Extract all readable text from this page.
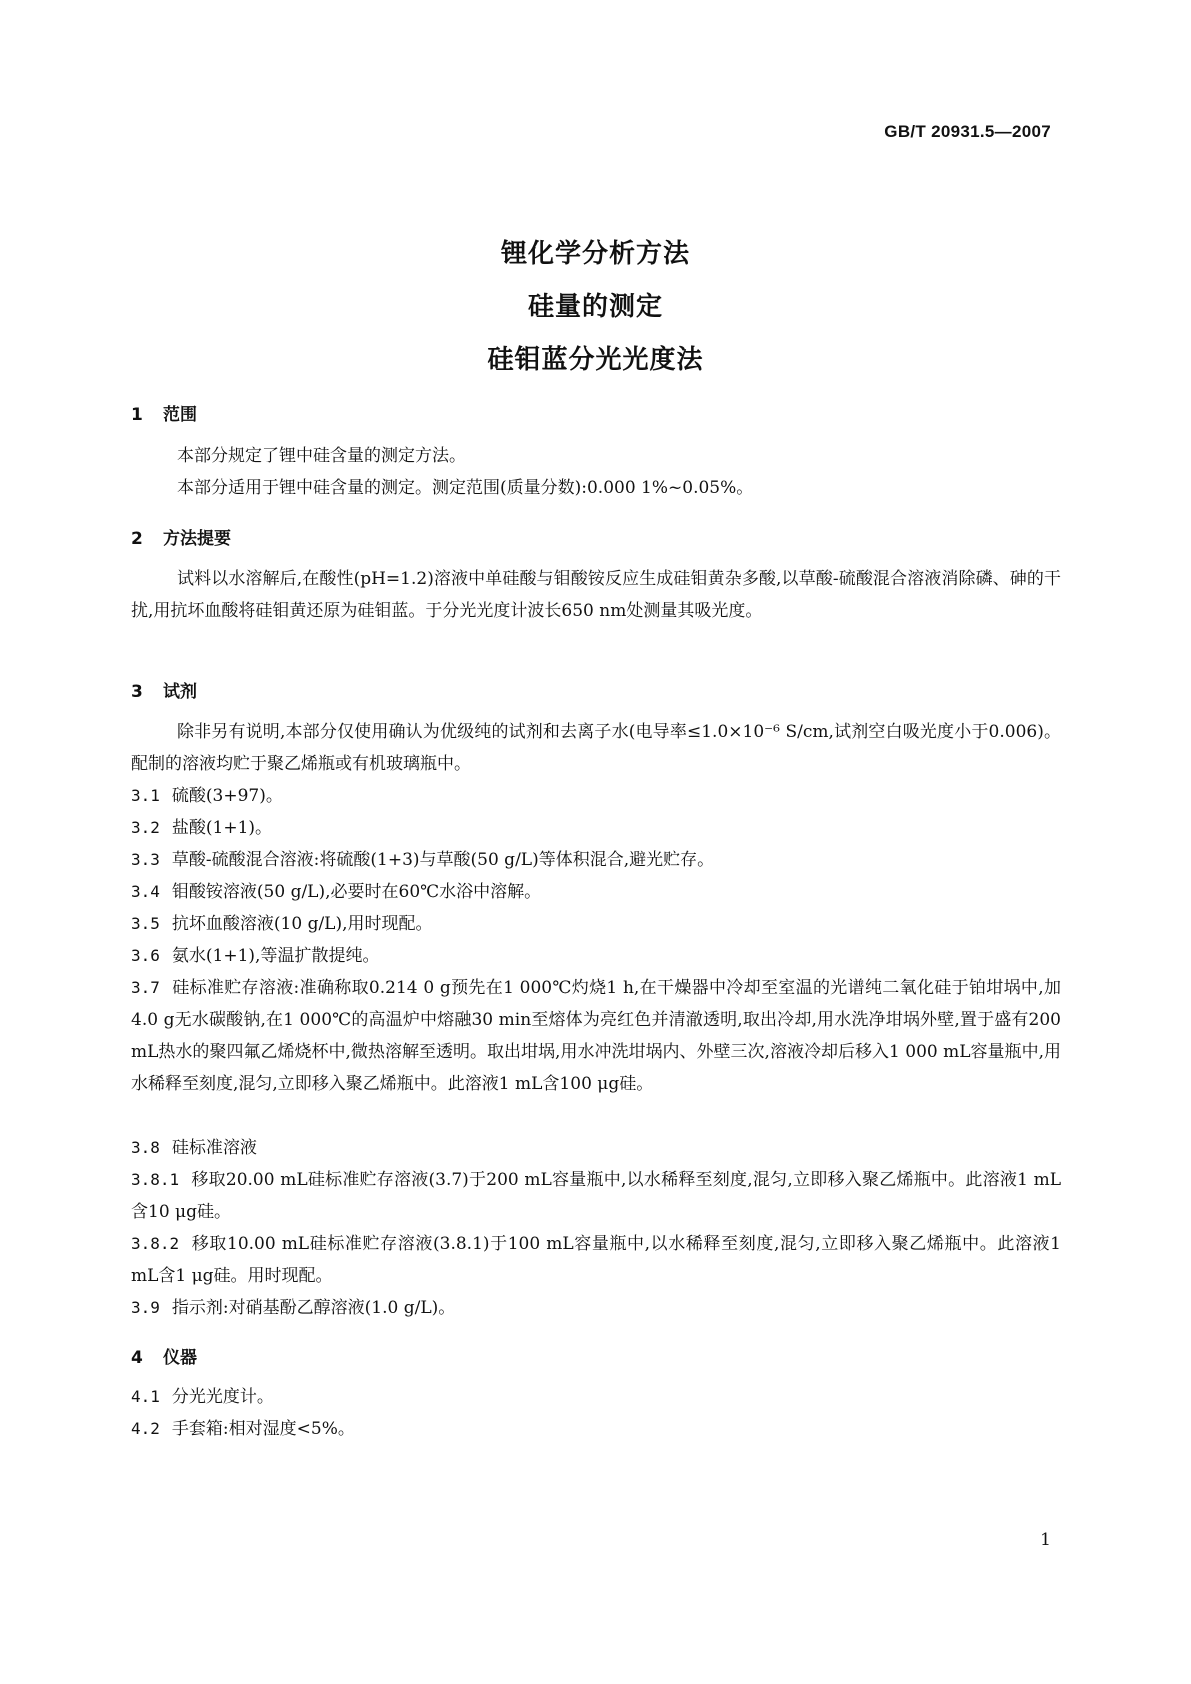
GB/T 20931.5—2007
锂化学分析方法
硅量的测定
硅钼蓝分光光度法
1 范围
本部分规定了锂中硅含量的测定方法。
本部分适用于锂中硅含量的测定。测定范围(质量分数):0.000 1%~0.05%。
2 方法提要
试料以水溶解后,在酸性(pH=1.2)溶液中单硅酸与钼酸铵反应生成硅钼黄杂多酸,以草酸-硫酸混合溶液消除磷、砷的干扰,用抗坏血酸将硅钼黄还原为硅钼蓝。于分光光度计波长650 nm处测量其吸光度。
3 试剂
除非另有说明,本部分仅使用确认为优级纯的试剂和去离子水(电导率≤1.0×10⁻⁶ S/cm,试剂空白吸光度小于0.006)。配制的溶液均贮于聚乙烯瓶或有机玻璃瓶中。
3.1 硫酸(3+97)。
3.2 盐酸(1+1)。
3.3 草酸-硫酸混合溶液:将硫酸(1+3)与草酸(50 g/L)等体积混合,避光贮存。
3.4 钼酸铵溶液(50 g/L),必要时在60℃水浴中溶解。
3.5 抗坏血酸溶液(10 g/L),用时现配。
3.6 氨水(1+1),等温扩散提纯。
3.7 硅标准贮存溶液:准确称取0.214 0 g预先在1 000℃灼烧1 h,在干燥器中冷却至室温的光谱纯二氧化硅于铂坩埚中,加4.0 g无水碳酸钠,在1 000℃的高温炉中熔融30 min至熔体为亮红色并清澈透明,取出冷却,用水洗净坩埚外壁,置于盛有200 mL热水的聚四氟乙烯烧杯中,微热溶解至透明。取出坩埚,用水冲洗坩埚内、外壁三次,溶液冷却后移入1 000 mL容量瓶中,用水稀释至刻度,混匀,立即移入聚乙烯瓶中。此溶液1 mL含100 μg硅。
3.8 硅标准溶液
3.8.1 移取20.00 mL硅标准贮存溶液(3.7)于200 mL容量瓶中,以水稀释至刻度,混匀,立即移入聚乙烯瓶中。此溶液1 mL含10 μg硅。
3.8.2 移取10.00 mL硅标准贮存溶液(3.8.1)于100 mL容量瓶中,以水稀释至刻度,混匀,立即移入聚乙烯瓶中。此溶液1 mL含1 μg硅。用时现配。
3.9 指示剂:对硝基酚乙醇溶液(1.0 g/L)。
4 仪器
4.1 分光光度计。
4.2 手套箱:相对湿度<5%。
1
